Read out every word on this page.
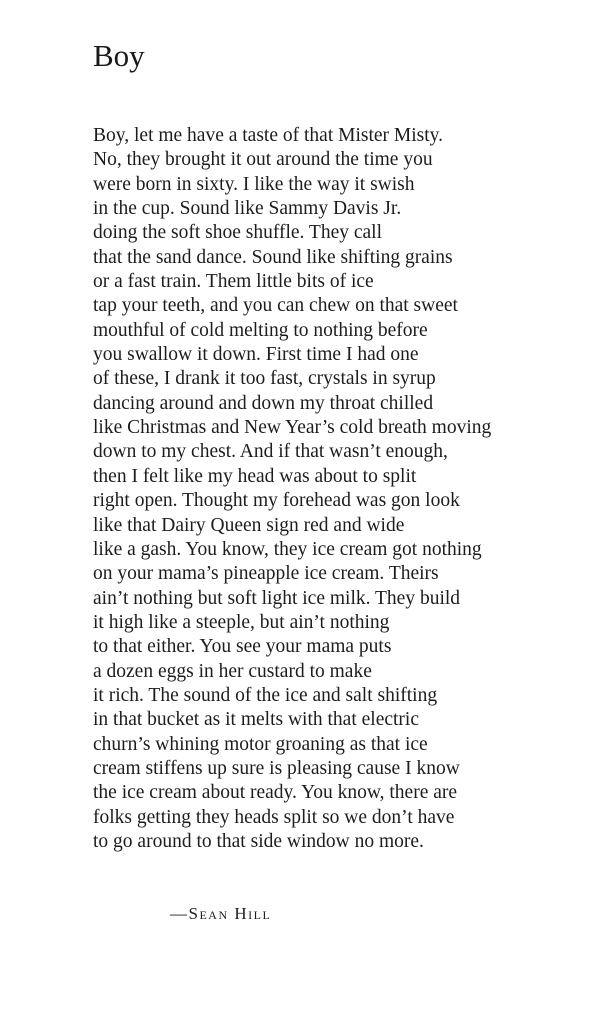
Boy
Boy, let me have a taste of that Mister Misty.
No, they brought it out around the time you
were born in sixty. I like the way it swish
in the cup. Sound like Sammy Davis Jr.
doing the soft shoe shuffle. They call
that the sand dance. Sound like shifting grains
or a fast train. Them little bits of ice
tap your teeth, and you can chew on that sweet
mouthful of cold melting to nothing before
you swallow it down. First time I had one
of these, I drank it too fast, crystals in syrup
dancing around and down my throat chilled
like Christmas and New Year’s cold breath moving
down to my chest. And if that wasn’t enough,
then I felt like my head was about to split
right open. Thought my forehead was gon look
like that Dairy Queen sign red and wide
like a gash. You know, they ice cream got nothing
on your mama’s pineapple ice cream. Theirs
ain’t nothing but soft light ice milk. They build
it high like a steeple, but ain’t nothing
to that either. You see your mama puts
a dozen eggs in her custard to make
it rich. The sound of the ice and salt shifting
in that bucket as it melts with that electric
churn’s whining motor groaning as that ice
cream stiffens up sure is pleasing cause I know
the ice cream about ready. You know, there are
folks getting they heads split so we don’t have
to go around to that side window no more.

—Sean Hill
